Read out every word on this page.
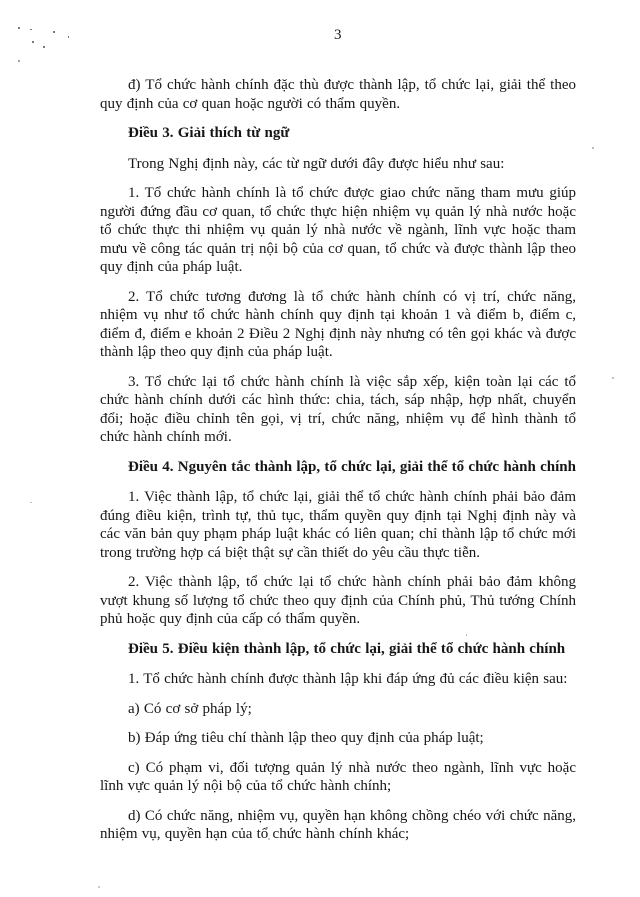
3

đ) Tổ chức hành chính đặc thù được thành lập, tổ chức lại, giải thể theo quy định của cơ quan hoặc người có thẩm quyền.

Điều 3. Giải thích từ ngữ

Trong Nghị định này, các từ ngữ dưới đây được hiểu như sau:

1. Tổ chức hành chính là tổ chức được giao chức năng tham mưu giúp người đứng đầu cơ quan, tổ chức thực hiện nhiệm vụ quản lý nhà nước hoặc tổ chức thực thi nhiệm vụ quản lý nhà nước về ngành, lĩnh vực hoặc tham mưu về công tác quản trị nội bộ của cơ quan, tổ chức và được thành lập theo quy định của pháp luật.

2. Tổ chức tương đương là tổ chức hành chính có vị trí, chức năng, nhiệm vụ như tổ chức hành chính quy định tại khoản 1 và điểm b, điểm c, điểm đ, điểm e khoản 2 Điều 2 Nghị định này nhưng có tên gọi khác và được thành lập theo quy định của pháp luật.

3. Tổ chức lại tổ chức hành chính là việc sắp xếp, kiện toàn lại các tổ chức hành chính dưới các hình thức: chia, tách, sáp nhập, hợp nhất, chuyển đổi; hoặc điều chỉnh tên gọi, vị trí, chức năng, nhiệm vụ để hình thành tổ chức hành chính mới.

Điều 4. Nguyên tắc thành lập, tổ chức lại, giải thể tổ chức hành chính

1. Việc thành lập, tổ chức lại, giải thể tổ chức hành chính phải bảo đảm đúng điều kiện, trình tự, thủ tục, thẩm quyền quy định tại Nghị định này và các văn bản quy phạm pháp luật khác có liên quan; chỉ thành lập tổ chức mới trong trường hợp cá biệt thật sự cần thiết do yêu cầu thực tiễn.

2. Việc thành lập, tổ chức lại tổ chức hành chính phải bảo đảm không vượt khung số lượng tổ chức theo quy định của Chính phủ, Thủ tướng Chính phủ hoặc quy định của cấp có thẩm quyền.

Điều 5. Điều kiện thành lập, tổ chức lại, giải thể tổ chức hành chính

1. Tổ chức hành chính được thành lập khi đáp ứng đủ các điều kiện sau:

a) Có cơ sở pháp lý;

b) Đáp ứng tiêu chí thành lập theo quy định của pháp luật;

c) Có phạm vi, đối tượng quản lý nhà nước theo ngành, lĩnh vực hoặc lĩnh vực quản lý nội bộ của tổ chức hành chính;

d) Có chức năng, nhiệm vụ, quyền hạn không chồng chéo với chức năng, nhiệm vụ, quyền hạn của tổ chức hành chính khác;
